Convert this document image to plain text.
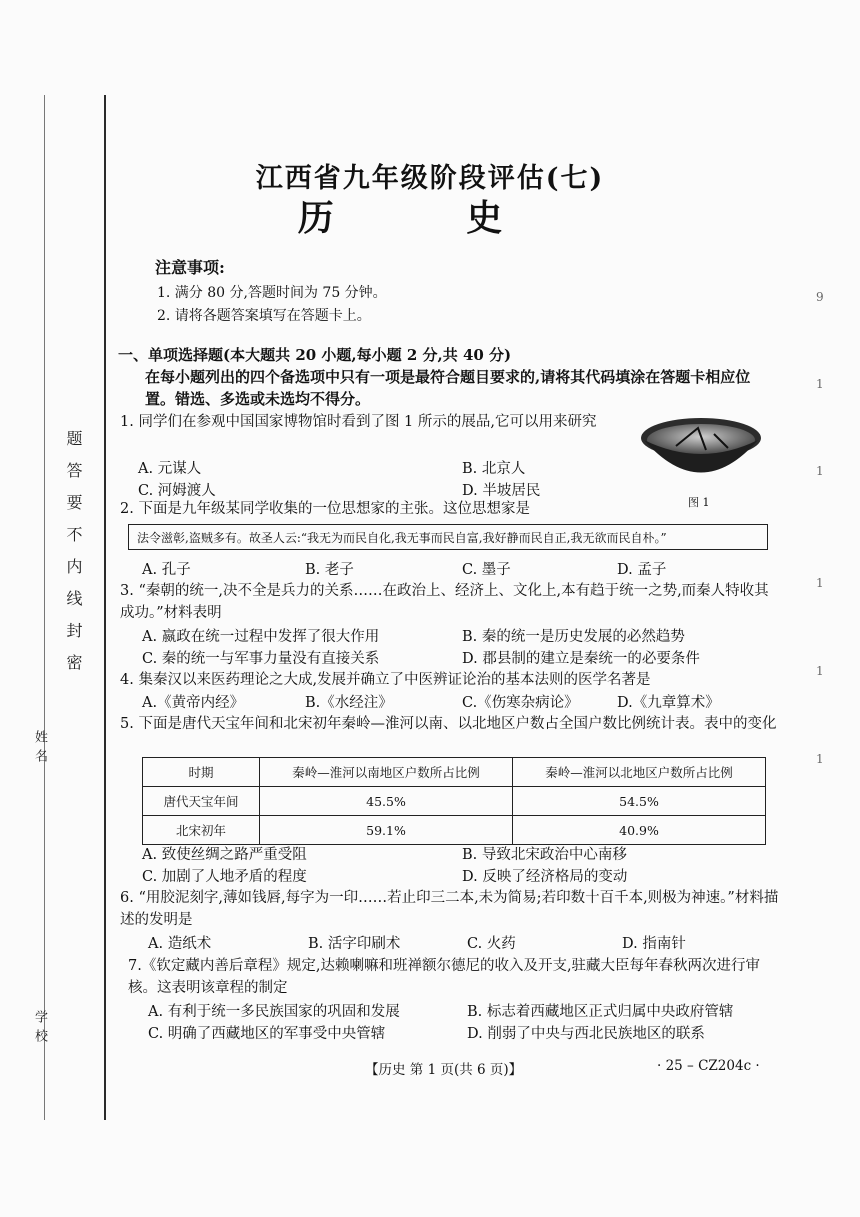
题答要不内线封密
姓名
学校
江西省九年级阶段评估(七)
历 史
注意事项:
1. 满分 80 分,答题时间为 75 分钟。
2. 请将各题答案填写在答题卡上。
一、单项选择题(本大题共 20 小题,每小题 2 分,共 40 分)
在每小题列出的四个备选项中只有一项是最符合题目要求的,请将其代码填涂在答题卡相应位置。错选、多选或未选均不得分。
1. 同学们在参观中国国家博物馆时看到了图 1 所示的展品,它可以用来研究
A. 元谋人	B. 北京人
C. 河姆渡人	D. 半坡居民
图 1
2. 下面是九年级某同学收集的一位思想家的主张。这位思想家是
法令滋彰,盗贼多有。故圣人云:“我无为而民自化,我无事而民自富,我好静而民自正,我无欲而民自朴。”
A. 孔子	B. 老子	C. 墨子	D. 孟子
3. “秦朝的统一,决不全是兵力的关系……在政治上、经济上、文化上,本有趋于统一之势,而秦人特收其成功。”材料表明
A. 嬴政在统一过程中发挥了很大作用	B. 秦的统一是历史发展的必然趋势
C. 秦的统一与军事力量没有直接关系	D. 郡县制的建立是秦统一的必要条件
4. 集秦汉以来医药理论之大成,发展并确立了中医辨证论治的基本法则的医学名著是
A.《黄帝内经》	B.《水经注》	C.《伤寒杂病论》	D.《九章算术》
5. 下面是唐代天宝年间和北宋初年秦岭—淮河以南、以北地区户数占全国户数比例统计表。表中的变化
时期	秦岭—淮河以南地区户数所占比例	秦岭—淮河以北地区户数所占比例
唐代天宝年间	45.5%	54.5%
北宋初年	59.1%	40.9%
A. 致使丝绸之路严重受阻	B. 导致北宋政治中心南移
C. 加剧了人地矛盾的程度	D. 反映了经济格局的变动
6. “用胶泥刻字,薄如钱唇,每字为一印……若止印三二本,未为简易;若印数十百千本,则极为神速。”材料描述的发明是
A. 造纸术	B. 活字印刷术	C. 火药	D. 指南针
7.《钦定藏内善后章程》规定,达赖喇嘛和班禅额尔德尼的收入及开支,驻藏大臣每年春秋两次进行审核。这表明该章程的制定
A. 有利于统一多民族国家的巩固和发展	B. 标志着西藏地区正式归属中央政府管辖
C. 明确了西藏地区的军事受中央管辖	D. 削弱了中央与西北民族地区的联系
【历史 第 1 页(共 6 页)】	· 25 – CZ204c ·
9
1
1
1
1
1
